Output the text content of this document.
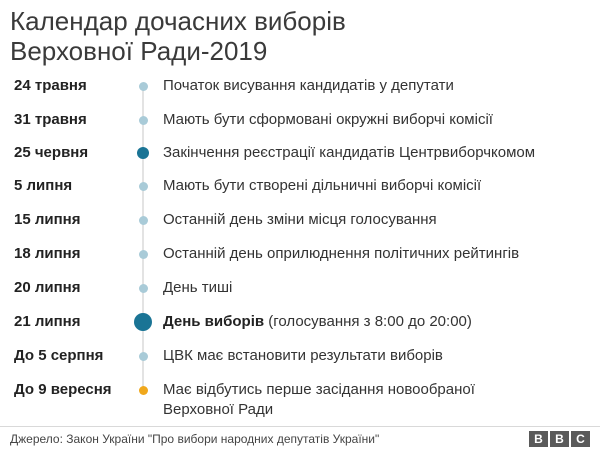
Календар дочасних виборів
Верховної Ради-2019
24 травня	Початок висування кандидатів у депутати
31 травня	Мають бути сформовані окружні виборчі комісії
25 червня	Закінчення реєстрації кандидатів Центрвиборчкомом
5 липня	Мають бути створені дільничні виборчі комісії
15 липня	Останній день зміни місця голосування
18 липня	Останній день оприлюднення політичних рейтингів
20 липня	День тиші
21 липня	День виборів (голосування з 8:00 до 20:00)
До 5 серпня	ЦВК має встановити результати виборів
До 9 вересня	Має відбутись перше засідання новообраної
Верховної Ради
Джерело: Закон України "Про вибори народних депутатів України"	B	B	C
